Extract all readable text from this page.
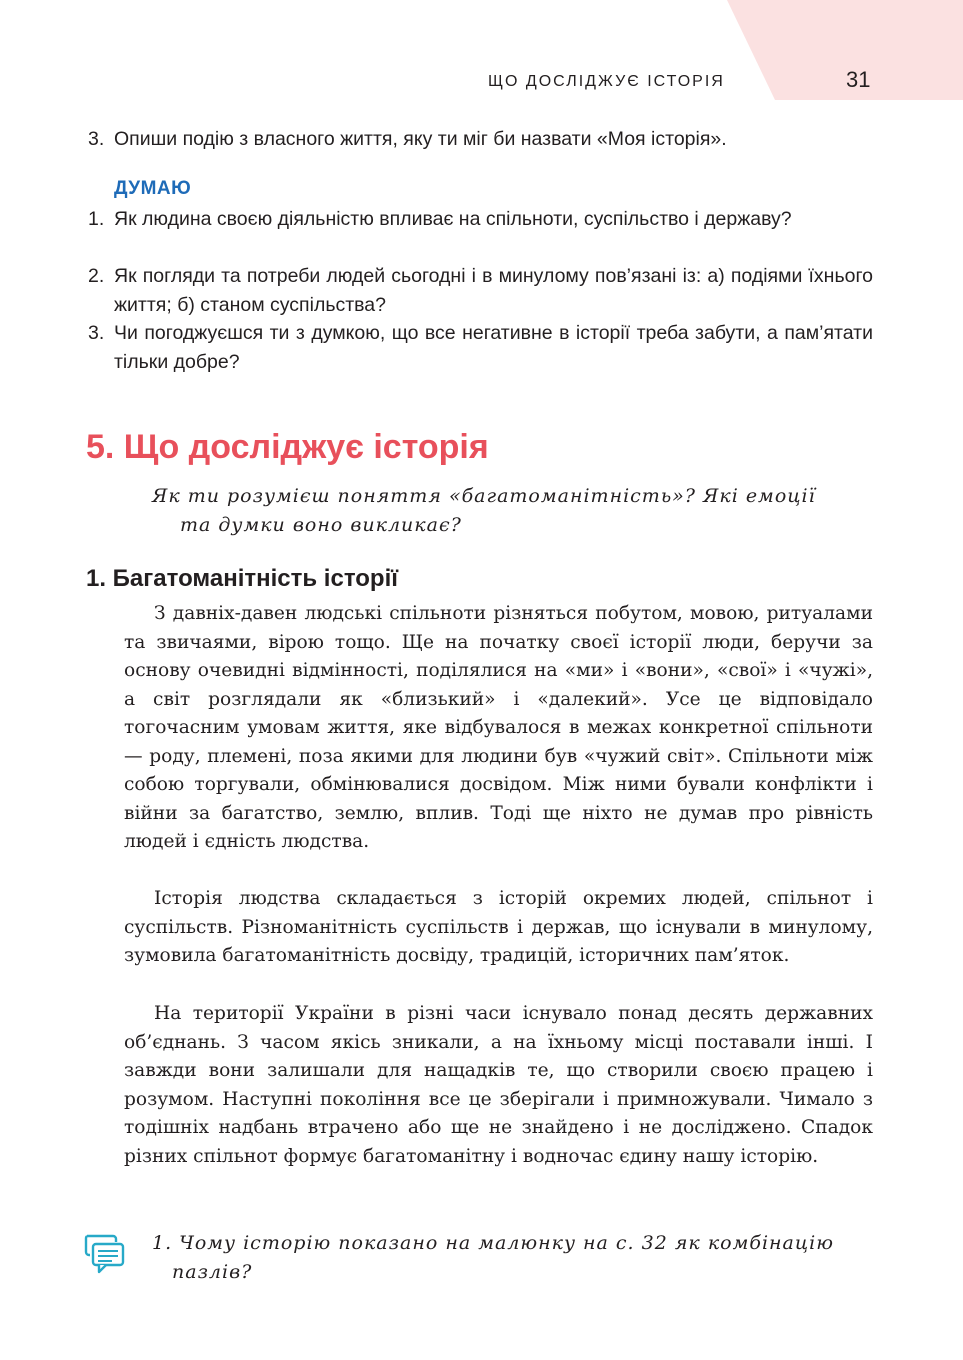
ЩО ДОСЛІДЖУЄ ІСТОРІЯ	31
3. Опиши подію з власного життя, яку ти міг би назвати «Моя історія».
ДУМАЮ
1. Як людина своєю діяльністю впливає на спільноти, суспільство і державу?
2. Як погляди та потреби людей сьогодні і в минулому пов’язані із: а) подіями їхнього життя; б) станом суспільства?
3. Чи погоджуєшся ти з думкою, що все негативне в історії треба забути, а пам’ятати тільки добре?
5. Що досліджує історія
Як ти розумієш поняття «багатоманітність»? Які емоції
та думки воно викликає?
1. Багатоманітність історії
З давніх-давен людські спільноти різняться побутом, мовою, ритуалами та звичаями, вірою тощо. Ще на початку своєї історії люди, беручи за основу очевидні відмінності, поділялися на «ми» і «вони», «свої» і «чужі», а світ розглядали як «близький» і «далекий». Усе це відповідало тогочасним умовам життя, яке відбувалося в межах конкретної спільноти — роду, племені, поза якими для людини був «чужий світ». Спільноти між собою торгували, обмінювалися досвідом. Між ними бували конфлікти і війни за багатство, землю, вплив. Тоді ще ніхто не думав про рівність людей і єдність людства.
Історія людства складається з історій окремих людей, спільнот і суспільств. Різноманітність суспільств і держав, що існували в минулому, зумовила багатоманітність досвіду, традицій, історичних пам’яток.
На території України в різні часи існувало понад десять державних об’єднань. З часом якісь зникали, а на їхньому місці поставали інші. І завжди вони залишали для нащадків те, що створили своєю працею і розумом. Наступні покоління все це зберігали і примножували. Чимало з тодішніх надбань втрачено або ще не знайдено і не досліджено. Спадок різних спільнот формує багатоманітну і водночас єдину нашу історію.
1. Чому історію показано на малюнку на с. 32 як комбінацію
пазлів?
